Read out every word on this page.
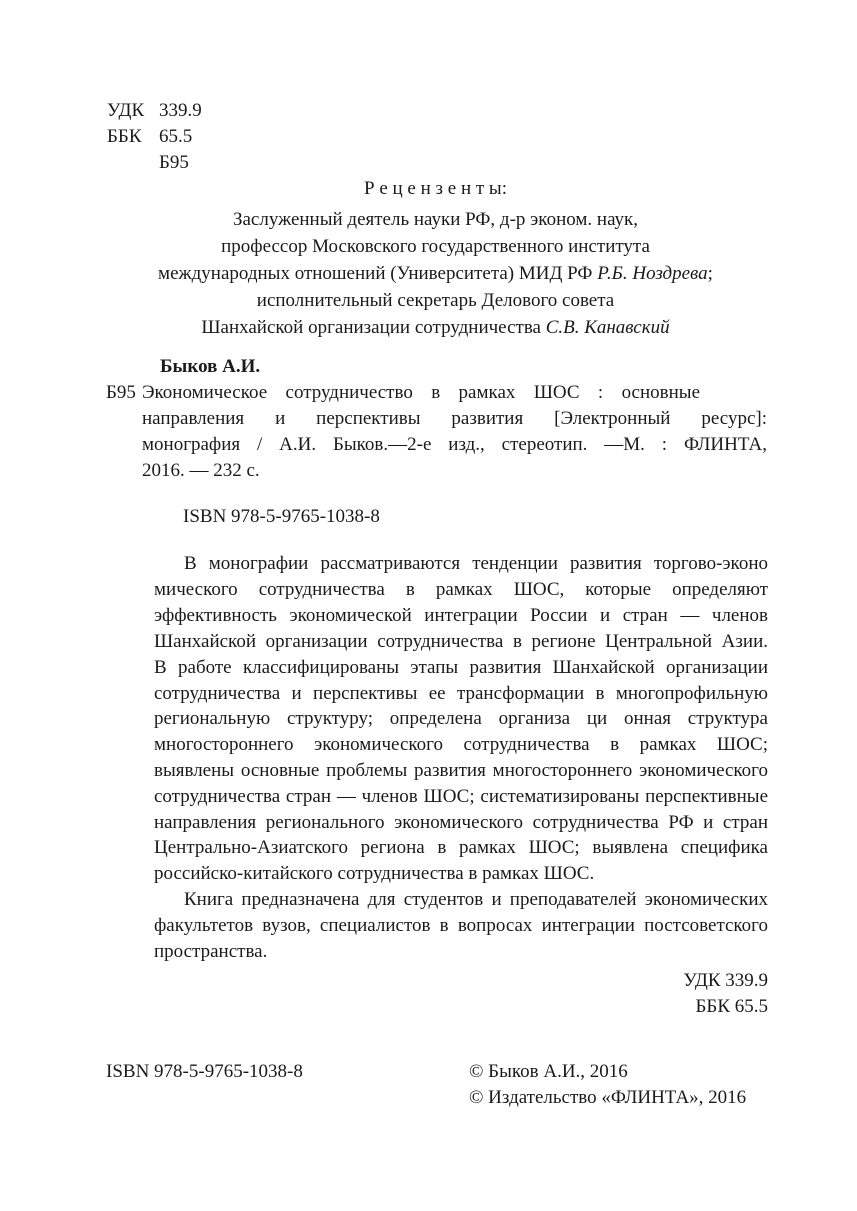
УДК 339.9
ББК 65.5
Б95
Р е ц е н з е н т ы:
Заслуженный деятель науки РФ, д-р эконом. наук,
профессор Московского государственного института
международных отношений (Университета) МИД РФ Р.Б. Ноздрева;
исполнительный секретарь Делового совета
Шанхайской организации сотрудничества С.В. Канавский
Быков А.И.
Б95 Экономическое сотрудничество в рамках ШОС : основные
направления и перспективы развития [Электронный ресурс]:
монография / А.И. Быков.—2-е изд., стереотип. —М. : ФЛИНТА,
2016. — 232 с.
ISBN 978-5-9765-1038-8
В монографии рассматриваются тенденции развития торгово-эконо
мического сотрудничества в рамках ШОС, которые определяют
эффективность экономической интеграции России и стран — членов
Шанхайской организации сотрудничества в регионе Центральной Азии.
В работе классифицированы этапы развития Шанхайской организации
сотрудничества и перспективы ее трансформации в многопрофильную
региональную структуру; определена организа ци онная структура
многостороннего экономического сотрудничества в рамках ШОС;
выявлены основные проблемы развития многостороннего экономического
сотрудничества стран — членов ШОС; систематизированы перспективные
направления регионального экономического сотрудничества РФ и стран
Центрально-Азиатского региона в рамках ШОС; выявлена специфика
российско-китайского сотрудничества в рамках ШОС.
Книга предназначена для студентов и преподавателей экономических
факультетов вузов, специалистов в вопросах интеграции постсоветского
пространства.
УДК 339.9
ББК 65.5
ISBN 978-5-9765-1038-8	© Быков А.И., 2016
© Издательство «ФЛИНТА», 2016
